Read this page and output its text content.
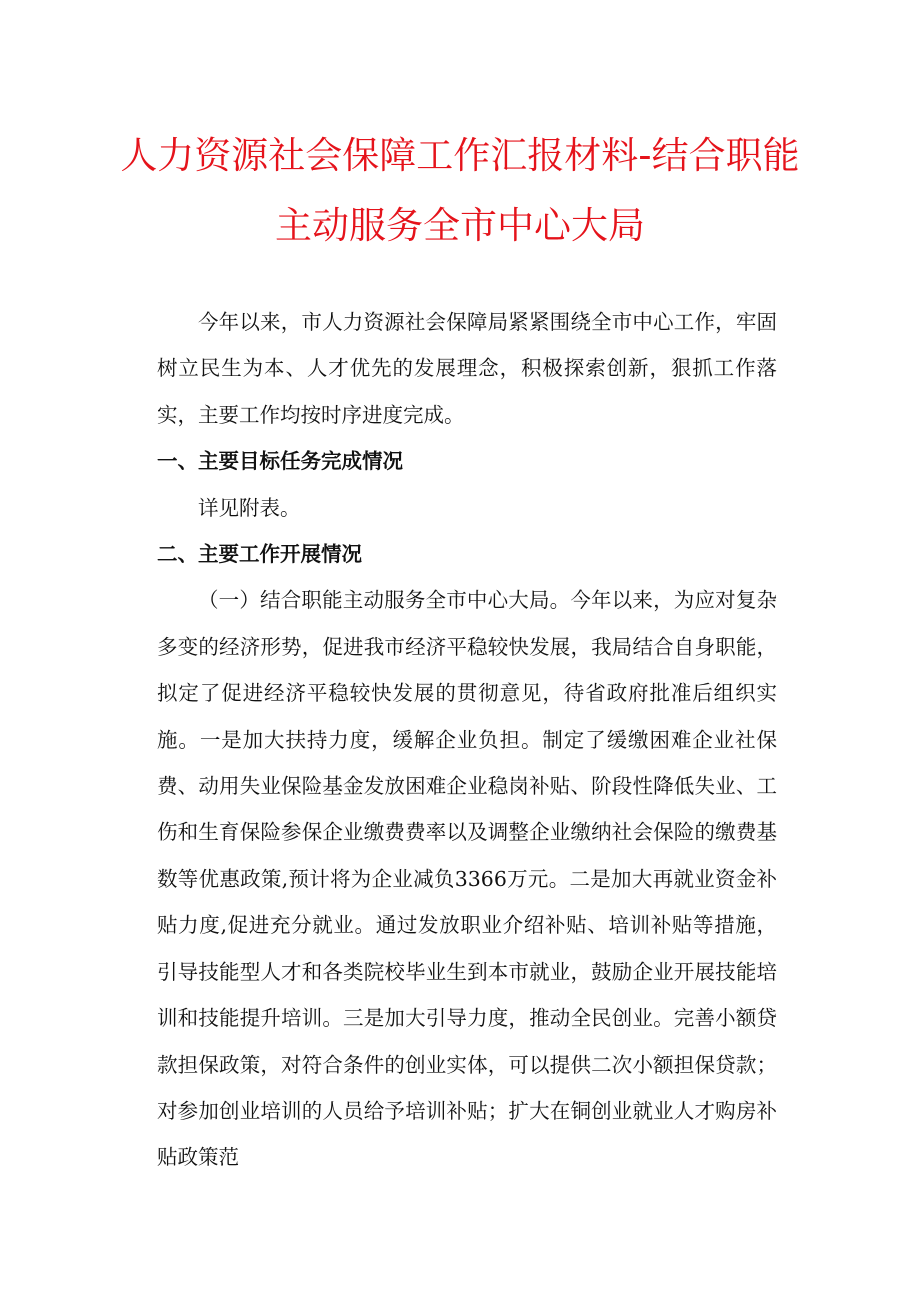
人力资源社会保障工作汇报材料-结合职能
主动服务全市中心大局

今年以来，市人力资源社会保障局紧紧围绕全市中心工作，牢固树立民生为本、人才优先的发展理念，积极探索创新，狠抓工作落实，主要工作均按时序进度完成。

一、主要目标任务完成情况

详见附表。

二、主要工作开展情况

（一）结合职能主动服务全市中心大局。今年以来，为应对复杂多变的经济形势，促进我市经济平稳较快发展，我局结合自身职能，拟定了促进经济平稳较快发展的贯彻意见，待省政府批准后组织实施。一是加大扶持力度，缓解企业负担。制定了缓缴困难企业社保费、动用失业保险基金发放困难企业稳岗补贴、阶段性降低失业、工伤和生育保险参保企业缴费费率以及调整企业缴纳社会保险的缴费基数等优惠政策,预计将为企业减负3366万元。二是加大再就业资金补贴力度,促进充分就业。通过发放职业介绍补贴、培训补贴等措施，引导技能型人才和各类院校毕业生到本市就业，鼓励企业开展技能培训和技能提升培训。三是加大引导力度，推动全民创业。完善小额贷款担保政策，对符合条件的创业实体，可以提供二次小额担保贷款；对参加创业培训的人员给予培训补贴；扩大在铜创业就业人才购房补贴政策范
